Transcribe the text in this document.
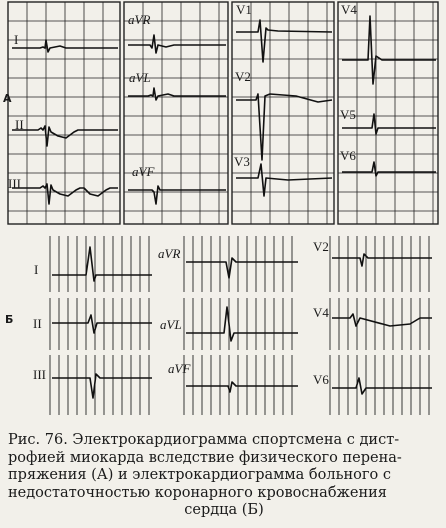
А
Б
I
II
III
aVR
aVL
aVF
V1
V2
V3
V4
V5
V6
I
II
III
aVR
aVL
aVF
V2
V4
V6
Рис. 76. Электрокардиограмма спортсмена с дист-
рофией миокарда вследствие физического перена-
пряжения (А) и электрокардиограмма больного с
недостаточностью коронарного кровоснабжения
сердца (Б)
